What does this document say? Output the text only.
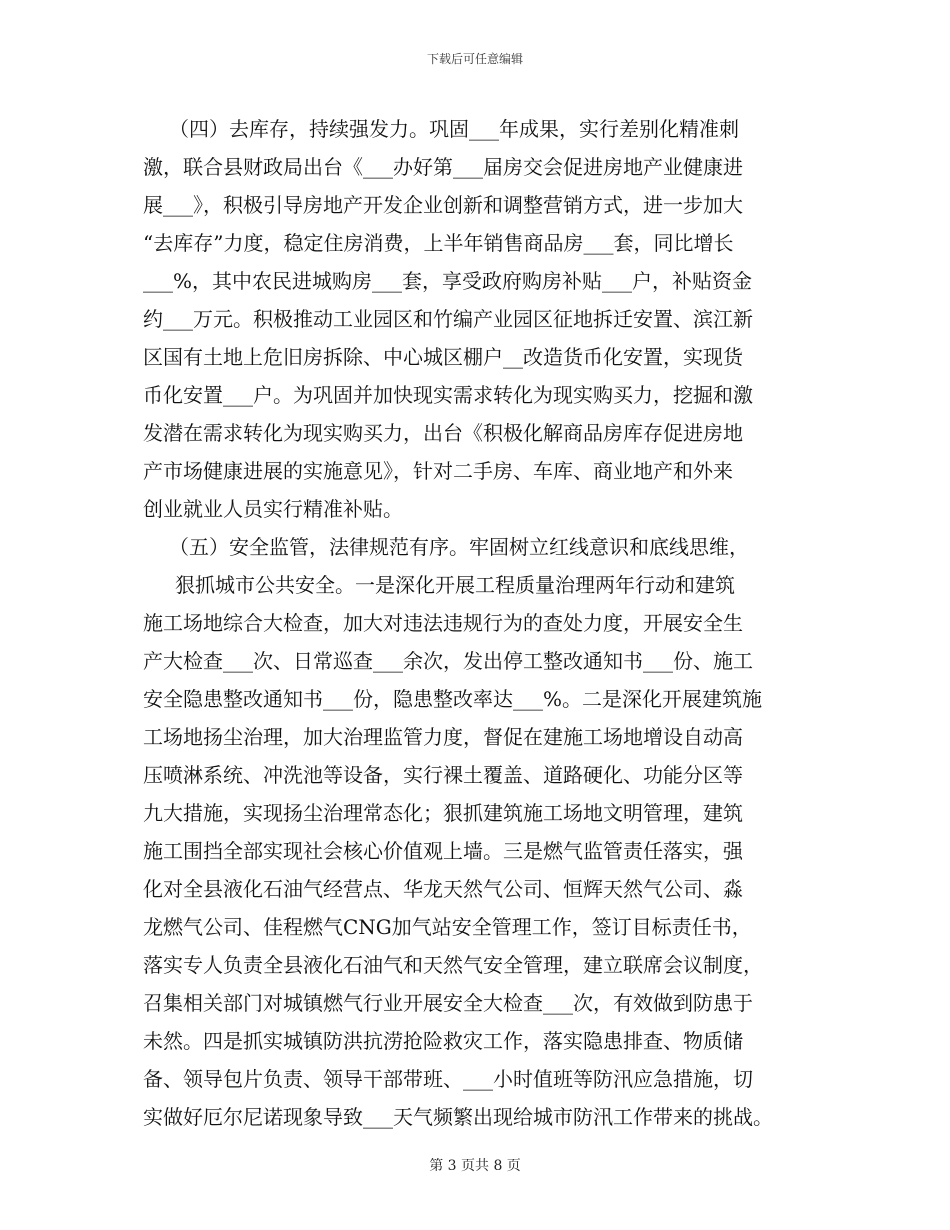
下载后可任意编辑
（四）去库存，持续强发力。巩固___年成果，实行差别化精准刺
激，联合县财政局出台《___办好第___届房交会促进房地产业健康进
展___》，积极引导房地产开发企业创新和调整营销方式，进一步加大
“去库存”力度，稳定住房消费，上半年销售商品房___套，同比增长
___%，其中农民进城购房___套，享受政府购房补贴___户，补贴资金
约___万元。积极推动工业园区和竹编产业园区征地拆迁安置、滨江新
区国有土地上危旧房拆除、中心城区棚户__改造货币化安置，实现货
币化安置___户。为巩固并加快现实需求转化为现实购买力，挖掘和激
发潜在需求转化为现实购买力，出台《积极化解商品房库存促进房地
产市场健康进展的实施意见》，针对二手房、车库、商业地产和外来
创业就业人员实行精准补贴。
（五）安全监管，法律规范有序。牢固树立红线意识和底线思维，
狠抓城市公共安全。一是深化开展工程质量治理两年行动和建筑
施工场地综合大检查，加大对违法违规行为的查处力度，开展安全生
产大检查___次、日常巡查___余次，发出停工整改通知书___份、施工
安全隐患整改通知书___份，隐患整改率达___%。二是深化开展建筑施
工场地扬尘治理，加大治理监管力度，督促在建施工场地增设自动高
压喷淋系统、冲洗池等设备，实行裸土覆盖、道路硬化、功能分区等
九大措施，实现扬尘治理常态化；狠抓建筑施工场地文明管理，建筑
施工围挡全部实现社会核心价值观上墙。三是燃气监管责任落实，强
化对全县液化石油气经营点、华龙天然气公司、恒辉天然气公司、淼
龙燃气公司、佳程燃气CNG加气站安全管理工作，签订目标责任书，
落实专人负责全县液化石油气和天然气安全管理，建立联席会议制度，
召集相关部门对城镇燃气行业开展安全大检查___次，有效做到防患于
未然。四是抓实城镇防洪抗涝抢险救灾工作，落实隐患排查、物质储
备、领导包片负责、领导干部带班、___小时值班等防汛应急措施，切
实做好厄尔尼诺现象导致___天气频繁出现给城市防汛工作带来的挑战。
第 3 页共 8 页
